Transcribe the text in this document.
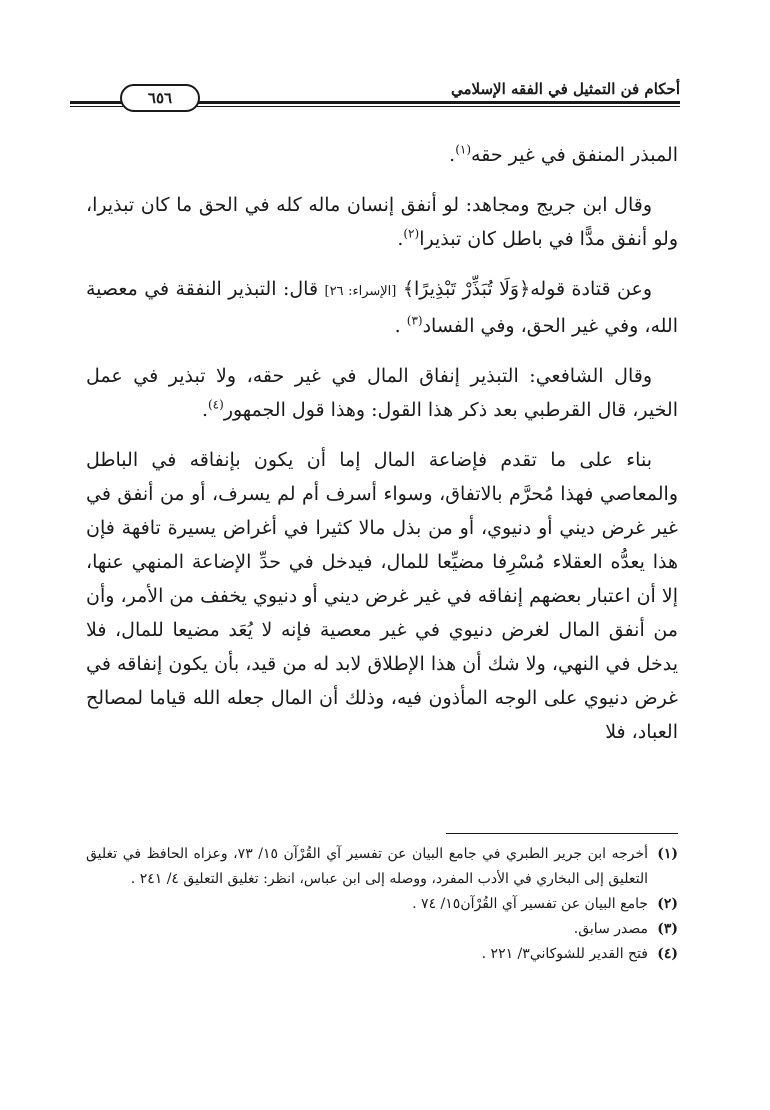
أحكام فن التمثيل في الفقه الإسلامي
٦٥٦

المبذر المنفق في غير حقه$^{(١)}$.

وقال ابن جريج ومجاهد: لو أنفق إنسان ماله كله في الحق ما كان تبذيرا، ولو أنفق مدًّا في باطل كان تبذيرا$^{(٢)}$.

وعن قتادة قوله﴿وَلَا تُبَذِّرْ تَبْذِيرًا﴾ [الإسراء: ٢٦] قال: التبذير النفقة في معصية الله، وفي غير الحق، وفي الفساد$^{(٣)}$ .

وقال الشافعي: التبذير إنفاق المال في غير حقه، ولا تبذير في عمل الخير، قال القرطبي بعد ذكر هذا القول: وهذا قول الجمهور$^{(٤)}$.

بناء على ما تقدم فإضاعة المال إما أن يكون بإنفاقه في الباطل والمعاصي فهذا مُحرَّم بالاتفاق، وسواء أسرف أم لم يسرف، أو من أنفق في غير غرض ديني أو دنيوي، أو من بذل مالا كثيرا في أغراض يسيرة تافهة فإن هذا يعدُّه العقلاء مُسْرِفا مضيِّعا للمال، فيدخل في حدِّ الإضاعة المنهي عنها، إلا أن اعتبار بعضهم إنفاقه في غير غرض ديني أو دنيوي يخفف من الأمر، وأن من أنفق المال لغرض دنيوي في غير معصية فإنه لا يُعَد مضيعا للمال، فلا يدخل في النهي، ولا شك أن هذا الإطلاق لابد له من قيد، بأن يكون إنفاقه في غرض دنيوي على الوجه المأذون فيه، وذلك أن المال جعله الله قياما لمصالح العباد، فلا

(١)
أخرجه ابن جرير الطبري في جامع البيان عن تفسير آي القُرْآن ١٥/ ٧٣، وعزاه الحافظ في تغليق التعليق إلى البخاري في الأدب المفرد، ووصله إلى ابن عباس، انظر: تغليق التعليق ٤/ ٢٤١ .
(٢)
جامع البيان عن تفسير آي القُرْآن١٥/ ٧٤ .
(٣)
مصدر سابق.
(٤)
فتح القدير للشوكاني٣/ ٢٢١ .
